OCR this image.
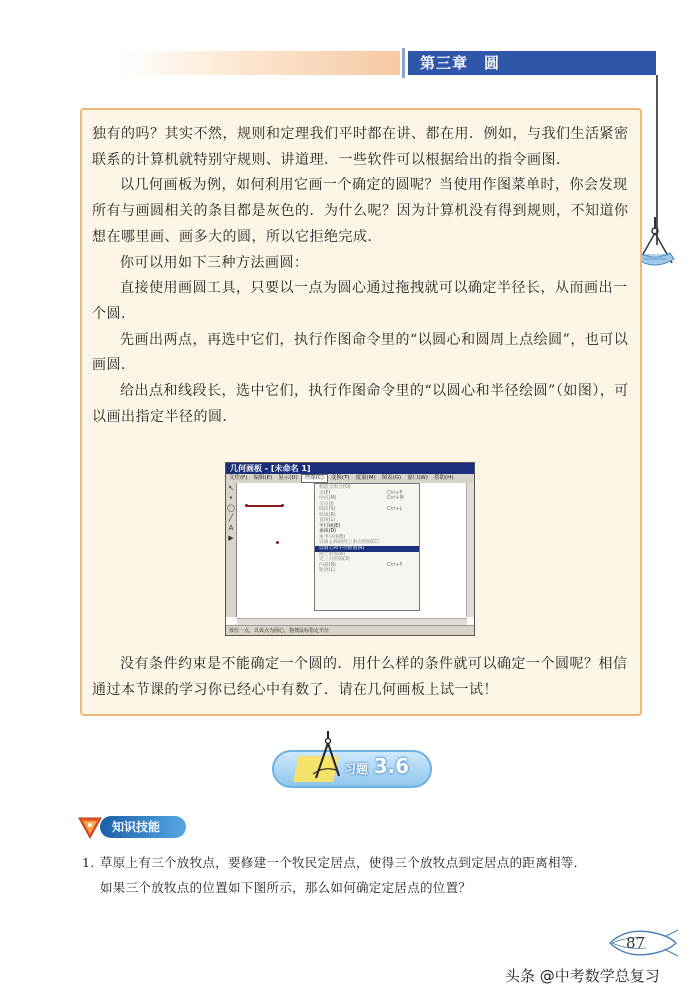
第三章　圆

独有的吗？其实不然，规则和定理我们平时都在讲、都在用．例如，与我们生活紧密联系的计算机就特别守规则、讲道理．一些软件可以根据给出的指令画图．

以几何画板为例，如何利用它画一个确定的圆呢？当使用作图菜单时，你会发现所有与画圆相关的条目都是灰色的．为什么呢？因为计算机没有得到规则，不知道你想在哪里画、画多大的圆，所以它拒绝完成．

你可以用如下三种方法画圆：

直接使用画圆工具，只要以一点为圆心通过拖拽就可以确定半径长，从而画出一个圆．

先画出两点，再选中它们，执行作图命令里的“以圆心和圆周上点绘圆”，也可以画圆．

给出点和线段长，选中它们，执行作图命令里的“以圆心和半径绘圆”（如图），可以画出指定半径的圆．

几何画板 - [未命名 1]
文件(F) 编辑(E) 显示(D) 作图(C) 变换(T) 度量(M) 图表(G) 窗口(W) 帮助(H)
↖
•
◯
╱
A
▶
构造点集合(O)
点(P)	Ctrl+P
中点(M)	Ctrl+M
交点(I)
线段(S)	Ctrl+L
射线(R)
直线(L)
平行线(E)
垂线(D)
角平分线(B)
以圆心和圆周上的点绘圆(C)
以圆心和半径绘圆(R)
圆上的弧(A)
过三点的弧(3)
内部(N)	Ctrl+P
轨迹(L)
按住一点，以该点为圆心，拖拽鼠标指定半径

没有条件约束是不能确定一个圆的．用什么样的条件就可以确定一个圆呢？相信通过本节课的学习你已经心中有数了．请在几何画板上试一试！

习题 3.6
知识技能

1. 草原上有三个放牧点，要修建一个牧民定居点，使得三个放牧点到定居点的距离相等．

如果三个放牧点的位置如下图所示，那么如何确定定居点的位置？

87
头条 @中考数学总复习
